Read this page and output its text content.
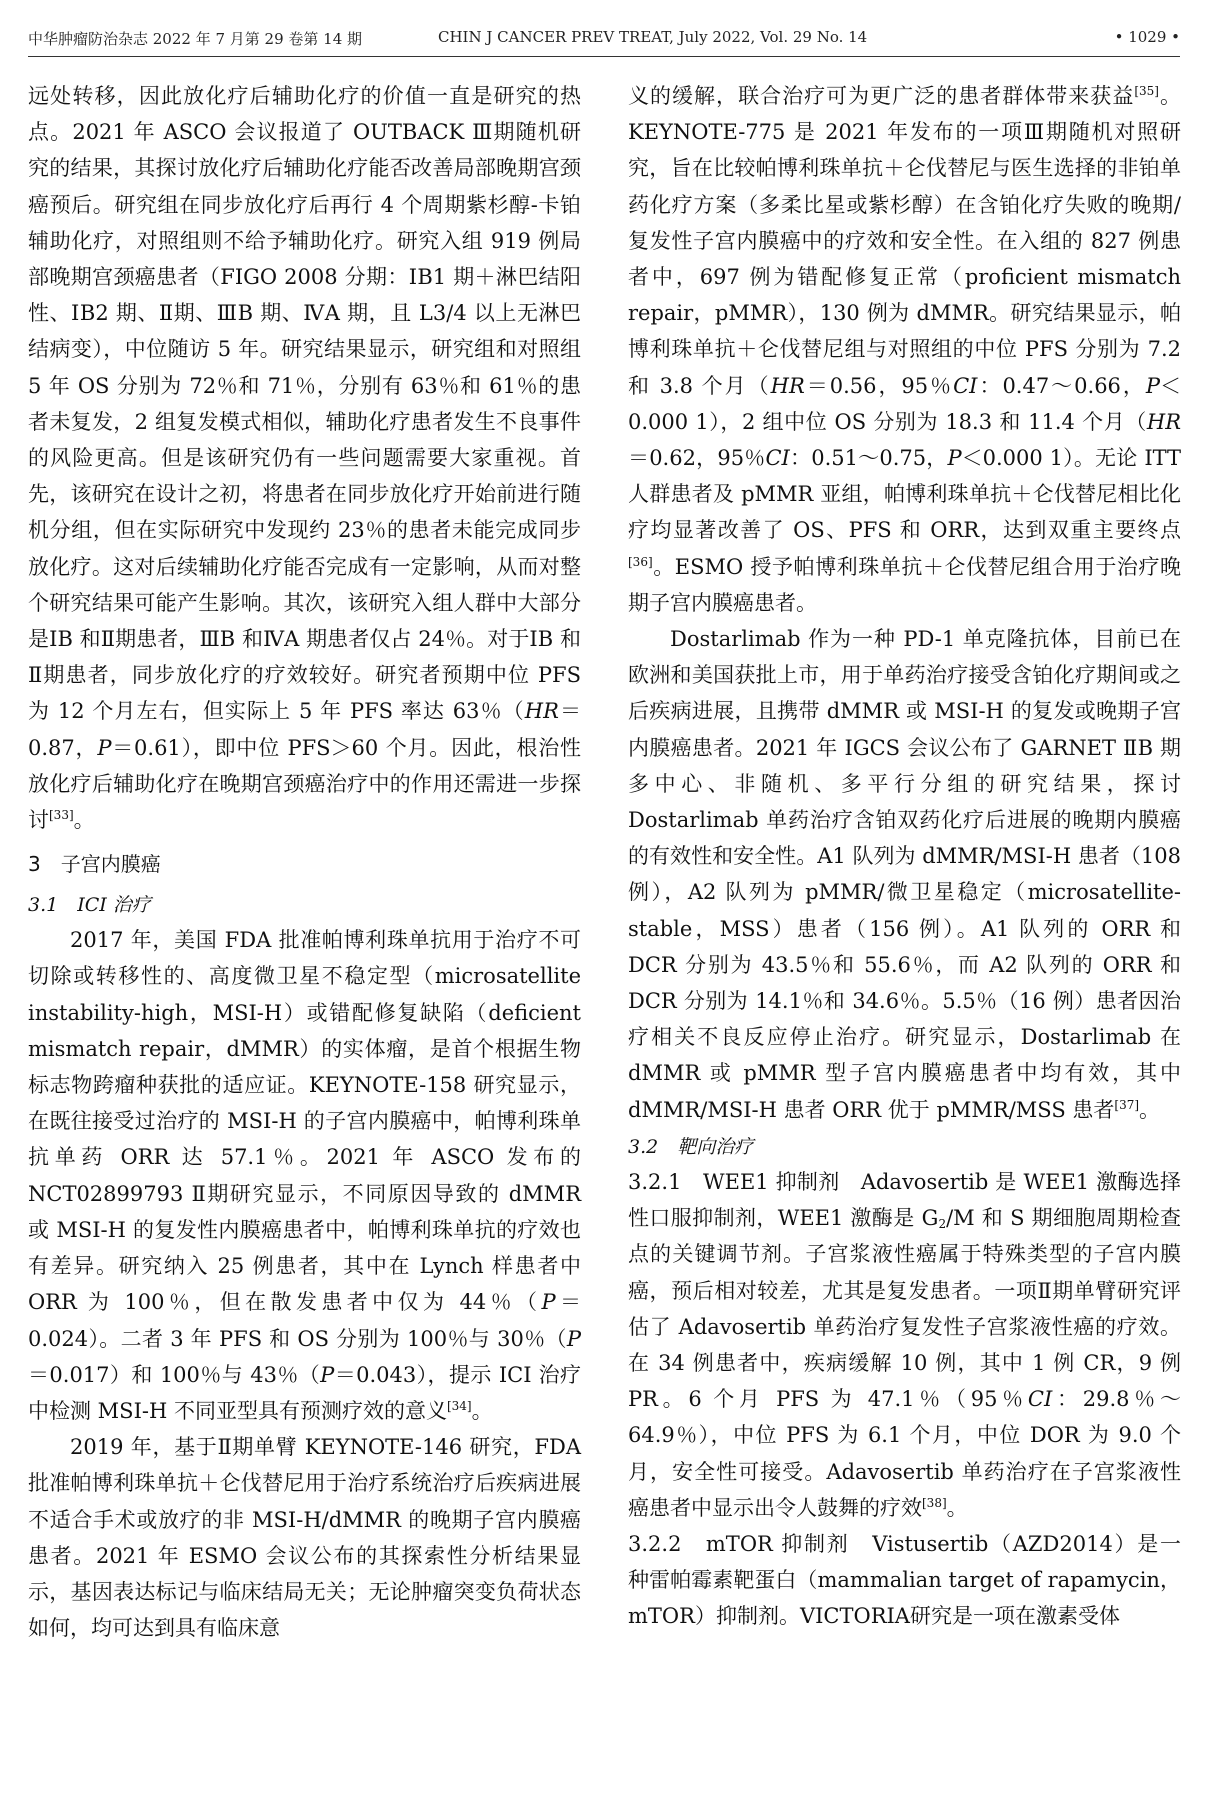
中华肿瘤防治杂志 2022 年 7 月第 29 卷第 14 期	CHIN J CANCER PREV TREAT, July 2022, Vol. 29 No. 14	• 1029 •

远处转移，因此放化疗后辅助化疗的价值一直是研究的热点。2021 年 ASCO 会议报道了 OUTBACK Ⅲ期随机研究的结果，其探讨放化疗后辅助化疗能否改善局部晚期宫颈癌预后。研究组在同步放化疗后再行 4 个周期紫杉醇-卡铂辅助化疗，对照组则不给予辅助化疗。研究入组 919 例局部晚期宫颈癌患者（FIGO 2008 分期：ⅠB1 期＋淋巴结阳性、ⅠB2 期、Ⅱ期、ⅢB 期、ⅣA 期，且 L3/4 以上无淋巴结病变），中位随访 5 年。研究结果显示，研究组和对照组 5 年 OS 分别为 72％和 71％，分别有 63％和 61％的患者未复发，2 组复发模式相似，辅助化疗患者发生不良事件的风险更高。但是该研究仍有一些问题需要大家重视。首先，该研究在设计之初，将患者在同步放化疗开始前进行随机分组，但在实际研究中发现约 23％的患者未能完成同步放化疗。这对后续辅助化疗能否完成有一定影响，从而对整个研究结果可能产生影响。其次，该研究入组人群中大部分是ⅠB 和Ⅱ期患者，ⅢB 和ⅣA 期患者仅占 24％。对于ⅠB 和Ⅱ期患者，同步放化疗的疗效较好。研究者预期中位 PFS 为 12 个月左右，但实际上 5 年 PFS 率达 63％（HR＝0.87，P＝0.61），即中位 PFS＞60 个月。因此，根治性放化疗后辅助化疗在晚期宫颈癌治疗中的作用还需进一步探讨[33]。

3　子宫内膜癌
3.1　ICI 治疗

2017 年，美国 FDA 批准帕博利珠单抗用于治疗不可切除或转移性的、高度微卫星不稳定型（microsatellite instability-high，MSI-H）或错配修复缺陷（deficient mismatch repair，dMMR）的实体瘤，是首个根据生物标志物跨瘤种获批的适应证。KEYNOTE-158 研究显示，在既往接受过治疗的 MSI-H 的子宫内膜癌中，帕博利珠单抗单药 ORR 达 57.1％。2021 年 ASCO 发布的 NCT02899793 Ⅱ期研究显示，不同原因导致的 dMMR 或 MSI-H 的复发性内膜癌患者中，帕博利珠单抗的疗效也有差异。研究纳入 25 例患者，其中在 Lynch 样患者中 ORR 为 100％，但在散发患者中仅为 44％（P＝0.024）。二者 3 年 PFS 和 OS 分别为 100％与 30％（P＝0.017）和 100％与 43％（P＝0.043），提示 ICI 治疗中检测 MSI-H 不同亚型具有预测疗效的意义[34]。

2019 年，基于Ⅱ期单臂 KEYNOTE-146 研究，FDA 批准帕博利珠单抗＋仑伐替尼用于治疗系统治疗后疾病进展不适合手术或放疗的非 MSI-H/dMMR 的晚期子宫内膜癌患者。2021 年 ESMO 会议公布的其探索性分析结果显示，基因表达标记与临床结局无关；无论肿瘤突变负荷状态如何，均可达到具有临床意

义的缓解，联合治疗可为更广泛的患者群体带来获益[35]。KEYNOTE-775 是 2021 年发布的一项Ⅲ期随机对照研究，旨在比较帕博利珠单抗＋仑伐替尼与医生选择的非铂单药化疗方案（多柔比星或紫杉醇）在含铂化疗失败的晚期/复发性子宫内膜癌中的疗效和安全性。在入组的 827 例患者中，697 例为错配修复正常（proficient mismatch repair，pMMR），130 例为 dMMR。研究结果显示，帕博利珠单抗＋仑伐替尼组与对照组的中位 PFS 分别为 7.2 和 3.8 个月（HR＝0.56，95％CI：0.47～0.66，P＜0.000 1），2 组中位 OS 分别为 18.3 和 11.4 个月（HR＝0.62，95％CI：0.51～0.75，P＜0.000 1）。无论 ITT 人群患者及 pMMR 亚组，帕博利珠单抗＋仑伐替尼相比化疗均显著改善了 OS、PFS 和 ORR，达到双重主要终点[36]。ESMO 授予帕博利珠单抗＋仑伐替尼组合用于治疗晚期子宫内膜癌患者。

Dostarlimab 作为一种 PD-1 单克隆抗体，目前已在欧洲和美国获批上市，用于单药治疗接受含铂化疗期间或之后疾病进展，且携带 dMMR 或 MSI-H 的复发或晚期子宫内膜癌患者。2021 年 IGCS 会议公布了 GARNET ⅡB 期多中心、非随机、多平行分组的研究结果，探讨 Dostarlimab 单药治疗含铂双药化疗后进展的晚期内膜癌的有效性和安全性。A1 队列为 dMMR/MSI-H 患者（108 例），A2 队列为 pMMR/微卫星稳定（microsatellite-stable，MSS）患者（156 例）。A1 队列的 ORR 和 DCR 分别为 43.5％和 55.6％，而 A2 队列的 ORR 和 DCR 分别为 14.1％和 34.6％。5.5％（16 例）患者因治疗相关不良反应停止治疗。研究显示，Dostarlimab 在 dMMR 或 pMMR 型子宫内膜癌患者中均有效，其中 dMMR/MSI-H 患者 ORR 优于 pMMR/MSS 患者[37]。

3.2　靶向治疗

3.2.1　WEE1 抑制剂　Adavosertib 是 WEE1 激酶选择性口服抑制剂，WEE1 激酶是 $G_2/M$ 和 S 期细胞周期检查点的关键调节剂。子宫浆液性癌属于特殊类型的子宫内膜癌，预后相对较差，尤其是复发患者。一项Ⅱ期单臂研究评估了 Adavosertib 单药治疗复发性子宫浆液性癌的疗效。在 34 例患者中，疾病缓解 10 例，其中 1 例 CR，9 例 PR。6 个月 PFS 为 47.1％（95％CI：29.8％～64.9％），中位 PFS 为 6.1 个月，中位 DOR 为 9.0 个月，安全性可接受。Adavosertib 单药治疗在子宫浆液性癌患者中显示出令人鼓舞的疗效[38]。

3.2.2　mTOR 抑制剂　Vistusertib（AZD2014）是一种雷帕霉素靶蛋白（mammalian target of rapamycin，mTOR）抑制剂。VICTORIA研究是一项在激素受体
